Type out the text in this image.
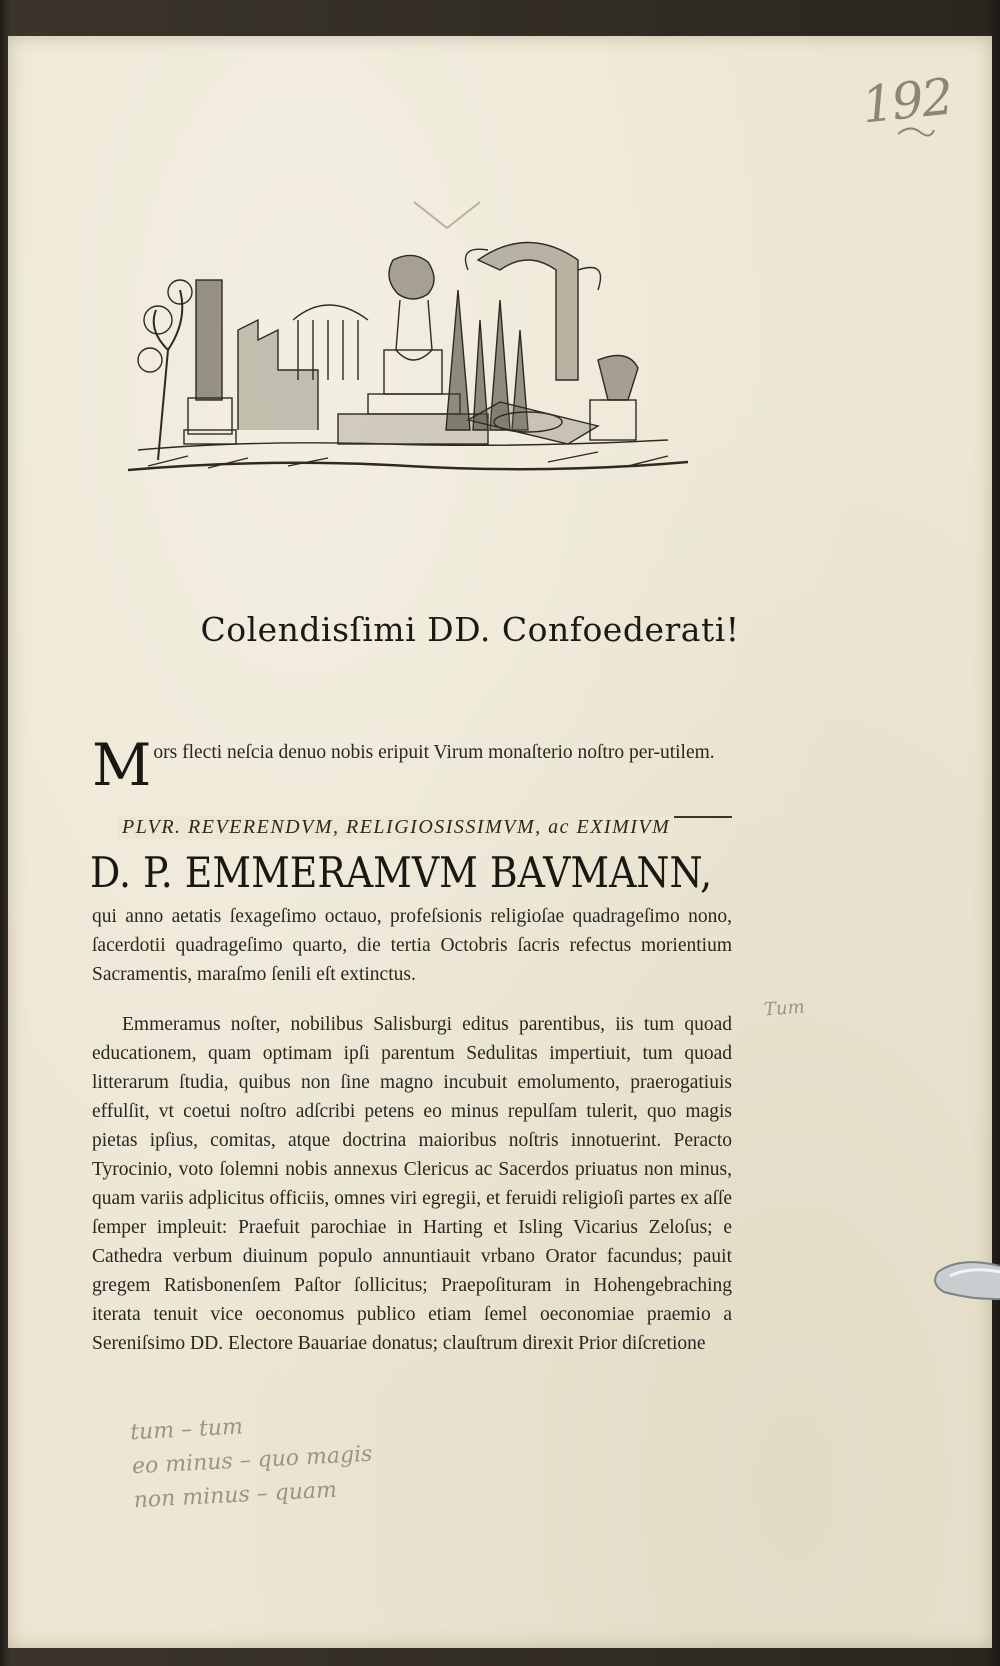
192
Colendisſimi DD. Confoederati!
M ors flecti neſcia denuo nobis eripuit Virum monaſterio noſtro per-utilem.
PLVR. REVERENDVM, RELIGIOSISSIMVM, ac EXIMIVM
D. P. EMMERAMVM BAVMANN,
qui anno aetatis ſexageſimo octauo, profeſsionis religioſae quadrageſimo nono, ſacerdotii quadrageſimo quarto, die tertia Octobris ſacris refectus morientium Sacramentis, maraſmo ſenili eſt extinctus.
Emmeramus noſter, nobilibus Salisburgi editus parentibus, iis tum quoad educationem, quam optimam ipſi parentum Sedulitas impertiuit, tum quoad litterarum ſtudia, quibus non ſine magno incubuit emolumento, praerogatiuis effulſit, vt coetui noſtro adſcribi petens eo minus repulſam tulerit, quo magis pietas ipſius, comitas, atque doctrina maioribus noſtris innotuerint. Peracto Tyrocinio, voto ſolemni nobis annexus Clericus ac Sacerdos priuatus non minus, quam variis adplicitus officiis, omnes viri egregii, et feruidi religioſi partes ex aſſe ſemper impleuit: Praefuit parochiae in Harting et Isling Vicarius Zeloſus; e Cathedra verbum diuinum populo annuntiauit vrbano Orator facundus; pauit gregem Ratisbonenſem Paſtor ſollicitus; Praepoſituram in Hohengebraching iterata tenuit vice oeconomus publico etiam ſemel oeconomiae praemio a Sereniſsimo DD. Electore Bauariae donatus; clauſtrum direxit Prior diſcretione
Tum
tum – tum
eo minus – quo magis
non minus – quam
